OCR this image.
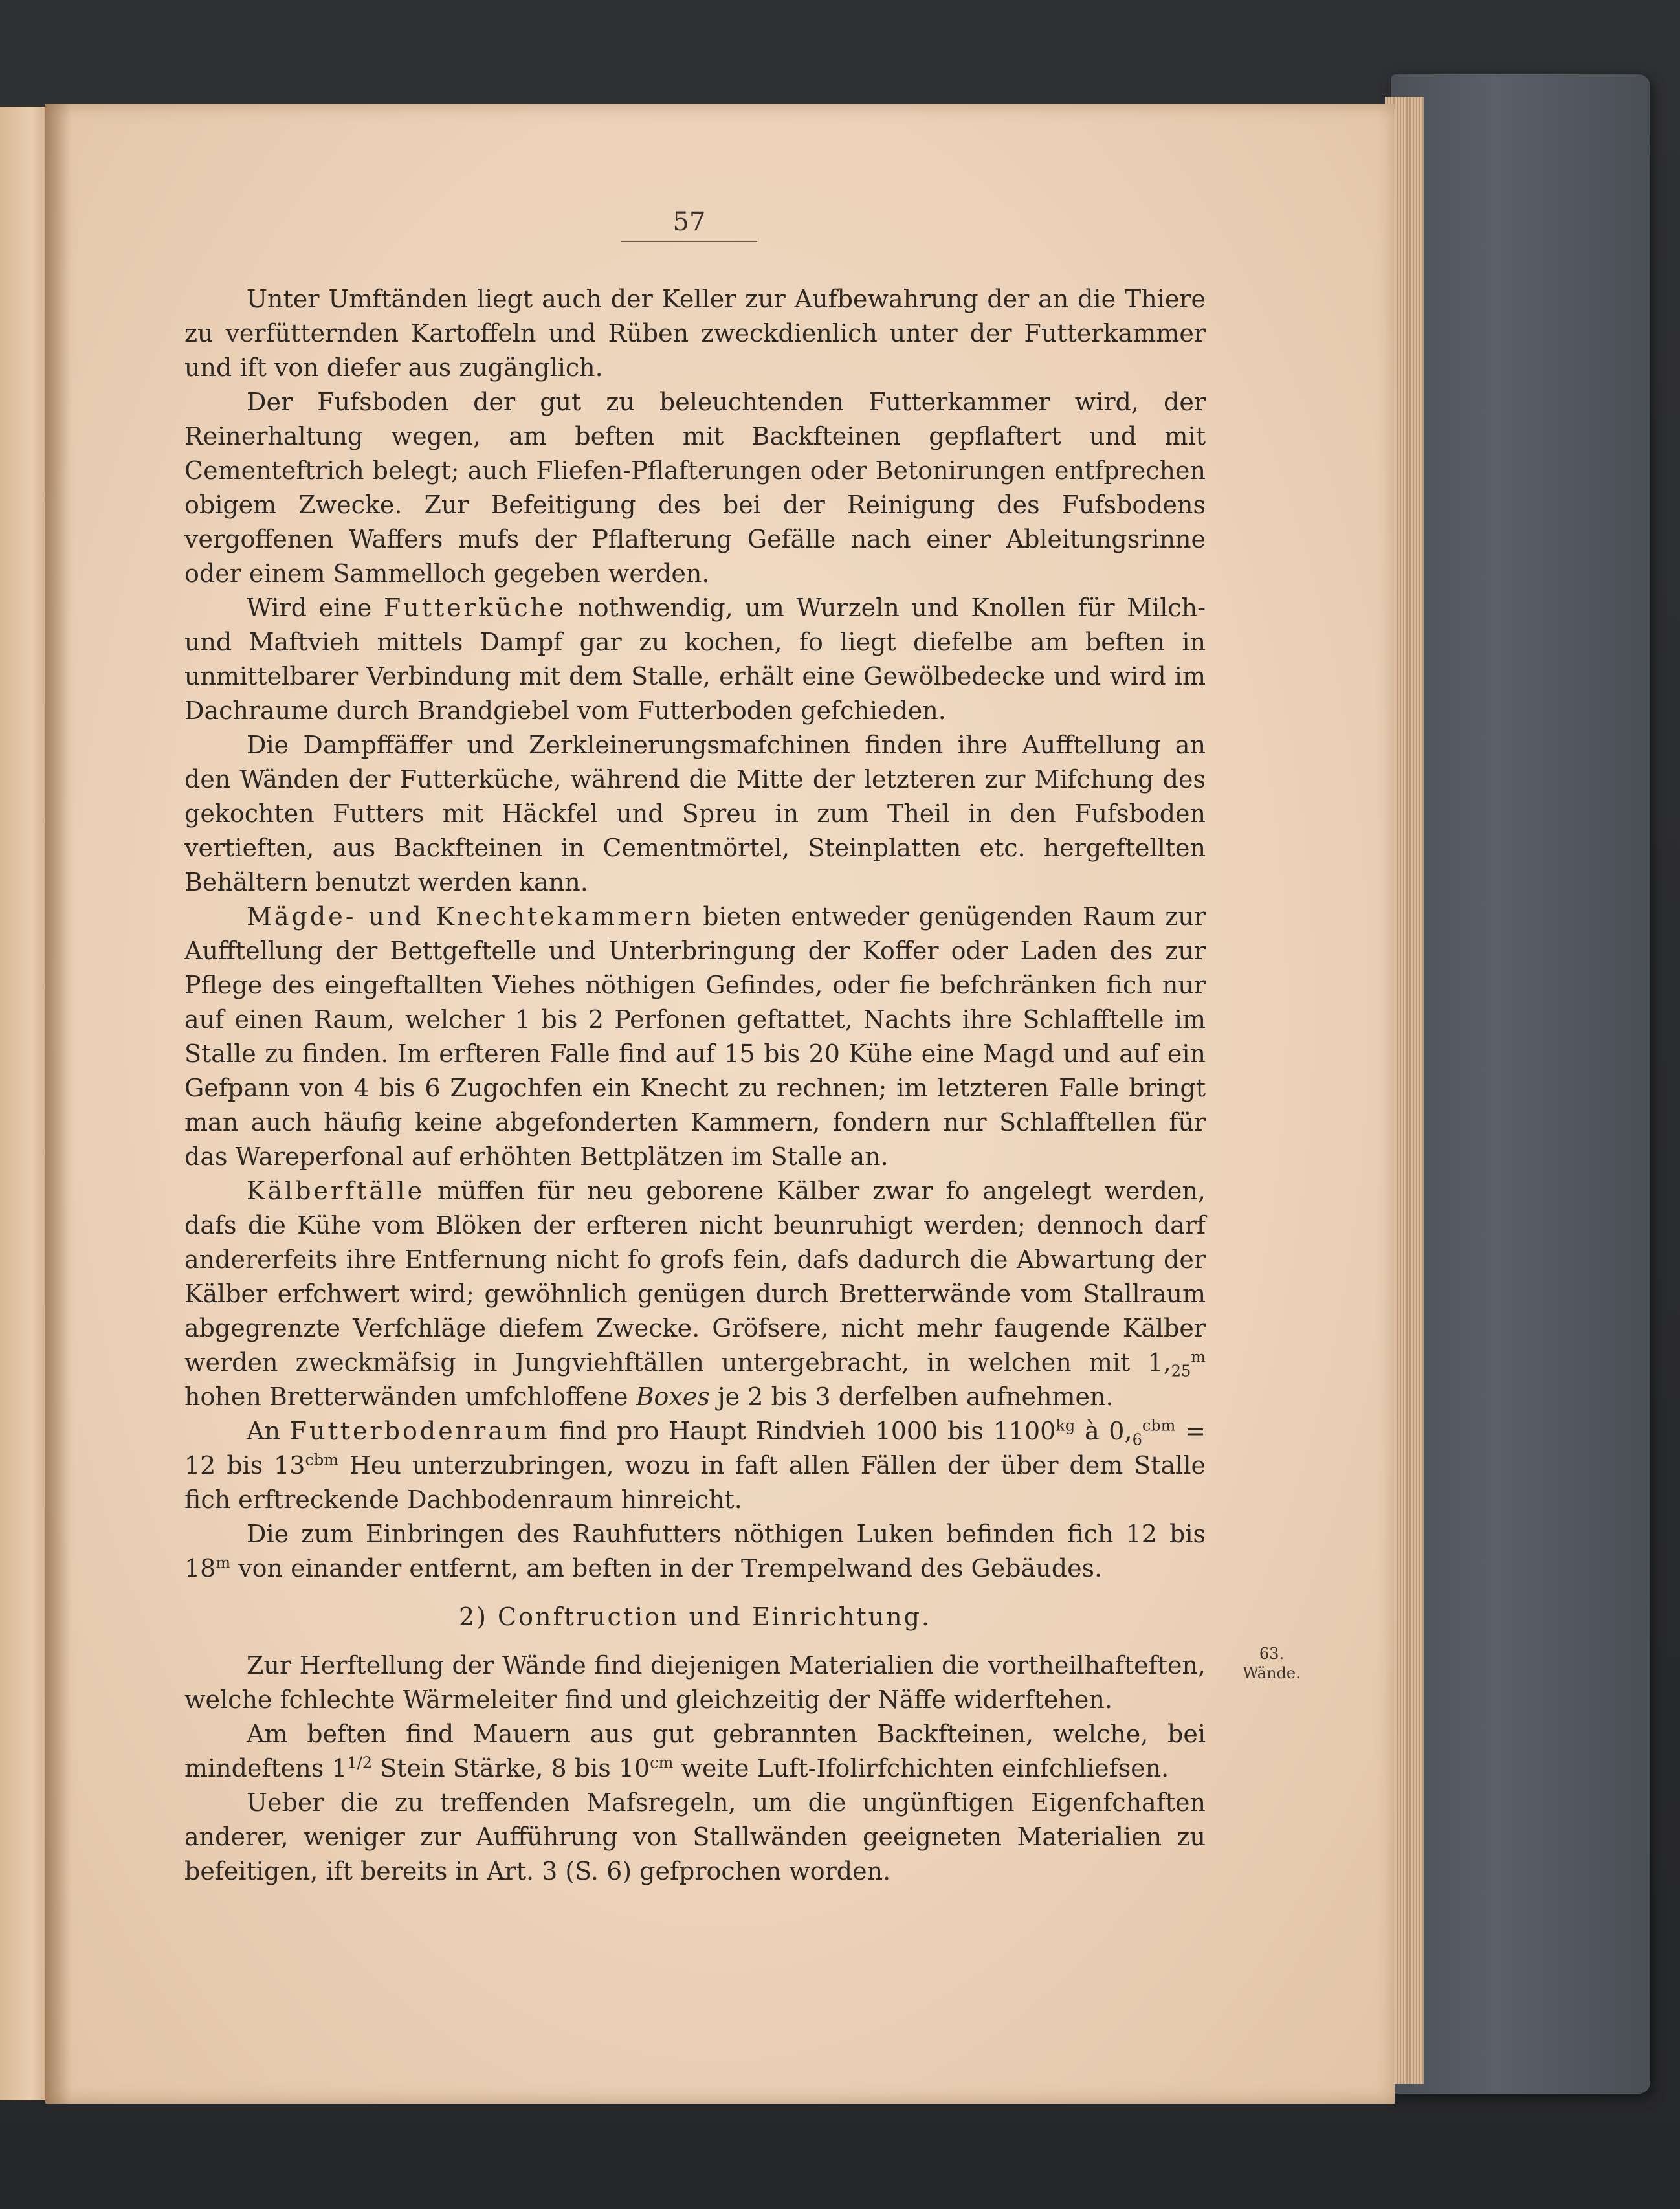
57

Unter Umftänden liegt auch der Keller zur Aufbewahrung der an die Thiere zu verfütternden Kartoffeln und Rüben zweckdienlich unter der Futterkammer und ift von diefer aus zugänglich.

Der Fufsboden der gut zu beleuchtenden Futterkammer wird, der Reinerhaltung wegen, am beften mit Backfteinen gepflaftert und mit Cementeftrich belegt; auch Fliefen-Pflafterungen oder Betonirungen entfprechen obigem Zwecke. Zur Befeitigung des bei der Reinigung des Fufsbodens vergoffenen Waffers mufs der Pflafterung Gefälle nach einer Ableitungsrinne oder einem Sammelloch gegeben werden.

Wird eine Futterküche nothwendig, um Wurzeln und Knollen für Milch- und Maftvieh mittels Dampf gar zu kochen, fo liegt diefelbe am beften in unmittelbarer Verbindung mit dem Stalle, erhält eine Gewölbedecke und wird im Dachraume durch Brandgiebel vom Futterboden gefchieden.

Die Dampffäffer und Zerkleinerungsmafchinen finden ihre Aufftellung an den Wänden der Futterküche, während die Mitte der letzteren zur Mifchung des gekochten Futters mit Häckfel und Spreu in zum Theil in den Fufsboden vertieften, aus Backfteinen in Cementmörtel, Steinplatten etc. hergeftellten Behältern benutzt werden kann.

Mägde- und Knechtekammern bieten entweder genügenden Raum zur Aufftellung der Bettgeftelle und Unterbringung der Koffer oder Laden des zur Pflege des eingeftallten Viehes nöthigen Gefindes, oder fie befchränken fich nur auf einen Raum, welcher 1 bis 2 Perfonen geftattet, Nachts ihre Schlafftelle im Stalle zu finden. Im erfteren Falle find auf 15 bis 20 Kühe eine Magd und auf ein Gefpann von 4 bis 6 Zugochfen ein Knecht zu rechnen; im letzteren Falle bringt man auch häufig keine abgefonderten Kammern, fondern nur Schlafftellen für das Wareperfonal auf erhöhten Bettplätzen im Stalle an.

Kälberftälle müffen für neu geborene Kälber zwar fo angelegt werden, dafs die Kühe vom Blöken der erfteren nicht beunruhigt werden; dennoch darf andererfeits ihre Entfernung nicht fo grofs fein, dafs dadurch die Abwartung der Kälber erfchwert wird; gewöhnlich genügen durch Bretterwände vom Stallraum abgegrenzte Verfchläge diefem Zwecke. Gröfsere, nicht mehr faugende Kälber werden zweckmäfsig in Jungviehftällen untergebracht, in welchen mit $1,_{25}^m$ hohen Bretterwänden umfchloffene Boxes je 2 bis 3 derfelben aufnehmen.

An Futterbodenraum find pro Haupt Rindvieh 1000 bis $1100^{kg}$ à $0,_6^{cbm} = 12$ bis $13^{cbm}$ Heu unterzubringen, wozu in faft allen Fällen der über dem Stalle fich erftreckende Dachbodenraum hinreicht.

Die zum Einbringen des Rauhfutters nöthigen Luken befinden fich 12 bis 18$^m$ von einander entfernt, am beften in der Trempelwand des Gebäudes.

2) Conftruction und Einrichtung.

Zur Herftellung der Wände find diejenigen Materialien die vortheilhafteften, welche fchlechte Wärmeleiter find und gleichzeitig der Näffe widerftehen.

Am beften find Mauern aus gut gebrannten Backfteinen, welche, bei mindeftens $1^{1/2}$ Stein Stärke, 8 bis $10^{cm}$ weite Luft-Ifolirfchichten einfchliefsen.

Ueber die zu treffenden Mafsregeln, um die ungünftigen Eigenfchaften anderer, weniger zur Aufführung von Stallwänden geeigneten Materialien zu befeitigen, ift bereits in Art. 3 (S. 6) gefprochen worden.

63.
Wände.
